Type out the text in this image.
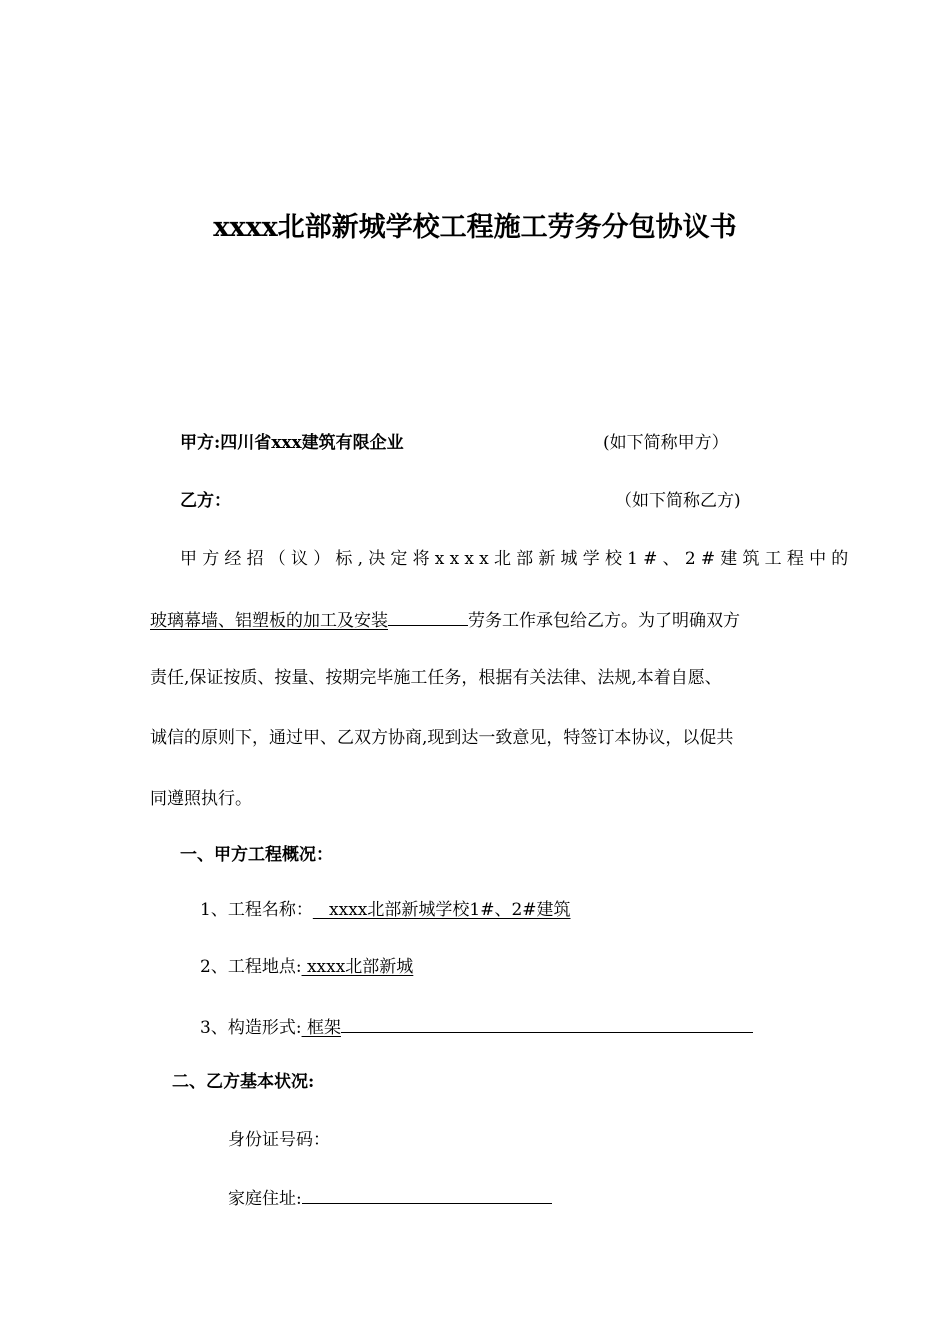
xxxx北部新城学校工程施工劳务分包协议书
甲方:四川省xxx建筑有限企业	(如下简称甲方）
乙方：	（如下简称乙方)
甲方经招（议）标,决定将xxxx北部新城学校1#、2#建筑工程中的
玻璃幕墙、铝塑板的加工及安装	劳务工作承包给乙方。为了明确双方
责任,保证按质、按量、按期完毕施工任务，根据有关法律、法规,本着自愿、
诚信的原则下，通过甲、乙双方协商,现到达一致意见，特签订本协议，以促共
同遵照执行。
一、甲方工程概况：
1、工程名称：   xxxx北部新城学校1#、2#建筑
2、工程地点: xxxx北部新城
3、构造形式: 框架
二、乙方基本状况:
身份证号码：
家庭住址:
